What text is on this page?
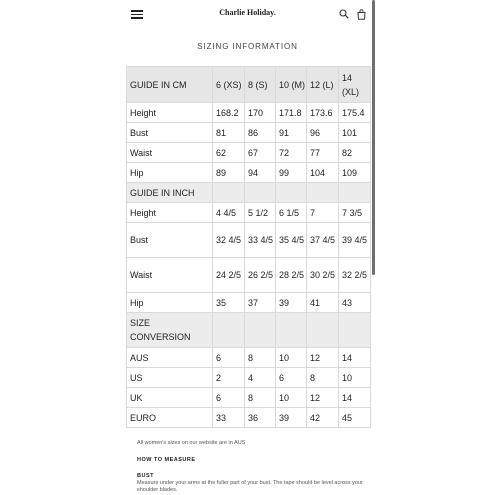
Charlie Holiday.
SIZING INFORMATION
GUIDE IN CM	6 (XS)	8 (S)	10 (M)	12 (L)	14 (XL)
Height	168.2	170	171.8	173.6	175.4
Bust	81	86	91	96	101
Waist	62	67	72	77	82
Hip	89	94	99	104	109
GUIDE IN INCH					
Height	4 4/5	5 1/2	6 1/5	7	7 3/5
Bust	32 4/5	33 4/5	35 4/5	37 4/5	39 4/5
Waist	24 2/5	26 2/5	28 2/5	30 2/5	32 2/5
Hip	35	37	39	41	43
SIZE CONVERSION					
AUS	6	8	10	12	14
US	2	4	6	8	10
UK	6	8	10	12	14
EURO	33	36	39	42	45
All women's sizes on our website are in AUS
HOW TO MEASURE
BUST
Measure under your arms at the fuller part of your bust. The tape should be level across your shoulder blades.
